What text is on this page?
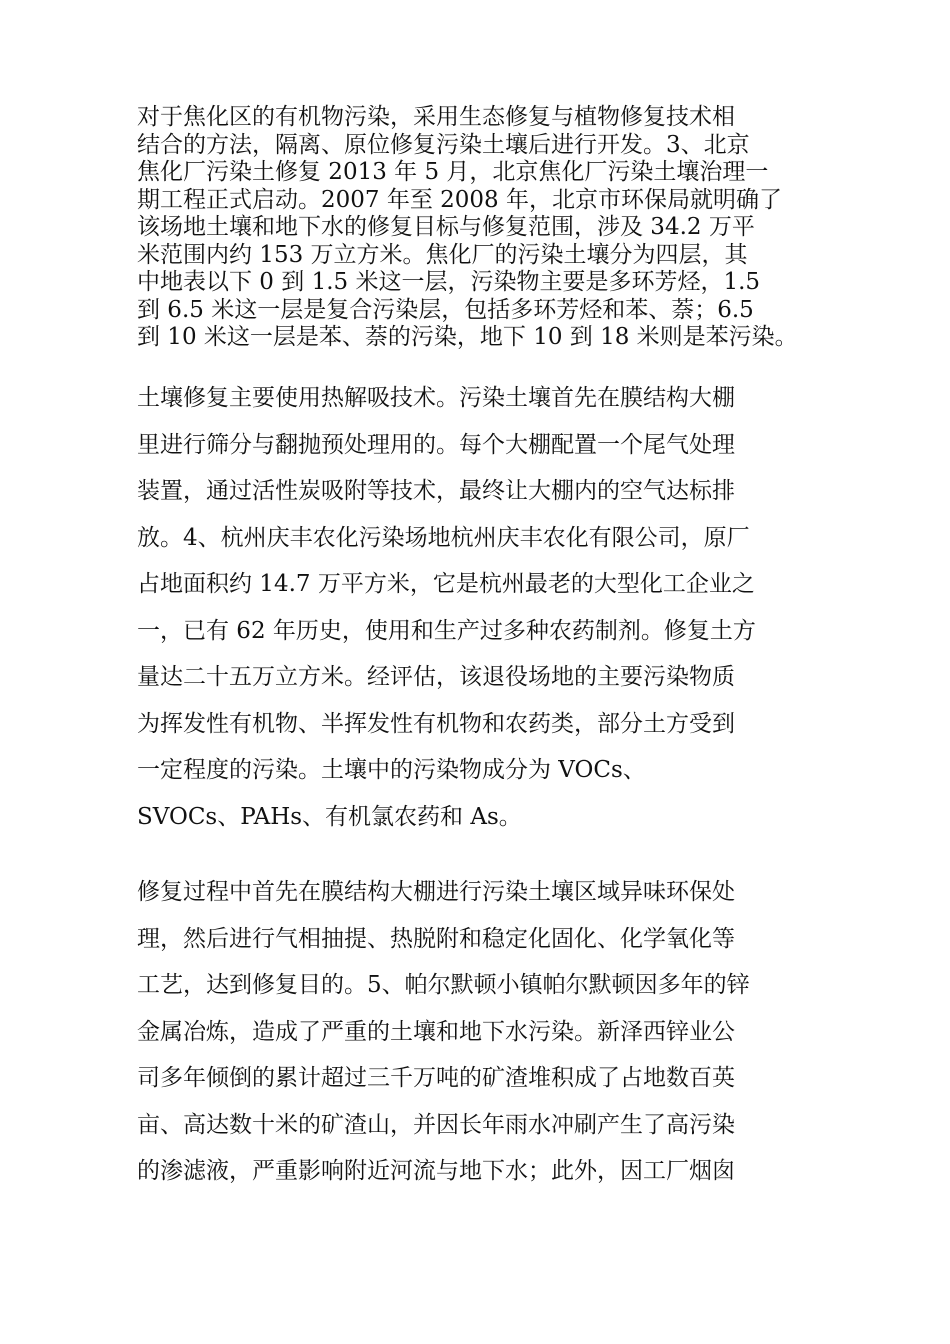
对于焦化区的有机物污染，采用生态修复与植物修复技术相
结合的方法，隔离、原位修复污染土壤后进行开发。3、北京
焦化厂污染土修复 2013 年 5 月，北京焦化厂污染土壤治理一
期工程正式启动。2007 年至 2008 年，北京市环保局就明确了
该场地土壤和地下水的修复目标与修复范围，涉及 34.2 万平
米范围内约 153 万立方米。焦化厂的污染土壤分为四层，其
中地表以下 0 到 1.5 米这一层，污染物主要是多环芳烃，1.5
到 6.5 米这一层是复合污染层，包括多环芳烃和苯、萘；6.5
到 10 米这一层是苯、萘的污染，地下 10 到 18 米则是苯污染。
土壤修复主要使用热解吸技术。污染土壤首先在膜结构大棚
里进行筛分与翻抛预处理用的。每个大棚配置一个尾气处理
装置，通过活性炭吸附等技术，最终让大棚内的空气达标排
放。4、杭州庆丰农化污染场地杭州庆丰农化有限公司，原厂
占地面积约 14.7 万平方米，它是杭州最老的大型化工企业之
一，已有 62 年历史，使用和生产过多种农药制剂。修复土方
量达二十五万立方米。经评估，该退役场地的主要污染物质
为挥发性有机物、半挥发性有机物和农药类，部分土方受到
一定程度的污染。土壤中的污染物成分为 VOCs、
SVOCs、PAHs、有机氯农药和 As。
修复过程中首先在膜结构大棚进行污染土壤区域异味环保处
理，然后进行气相抽提、热脱附和稳定化固化、化学氧化等
工艺，达到修复目的。5、帕尔默顿小镇帕尔默顿因多年的锌
金属冶炼，造成了严重的土壤和地下水污染。新泽西锌业公
司多年倾倒的累计超过三千万吨的矿渣堆积成了占地数百英
亩、高达数十米的矿渣山，并因长年雨水冲刷产生了高污染
的渗滤液，严重影响附近河流与地下水；此外，因工厂烟囱
